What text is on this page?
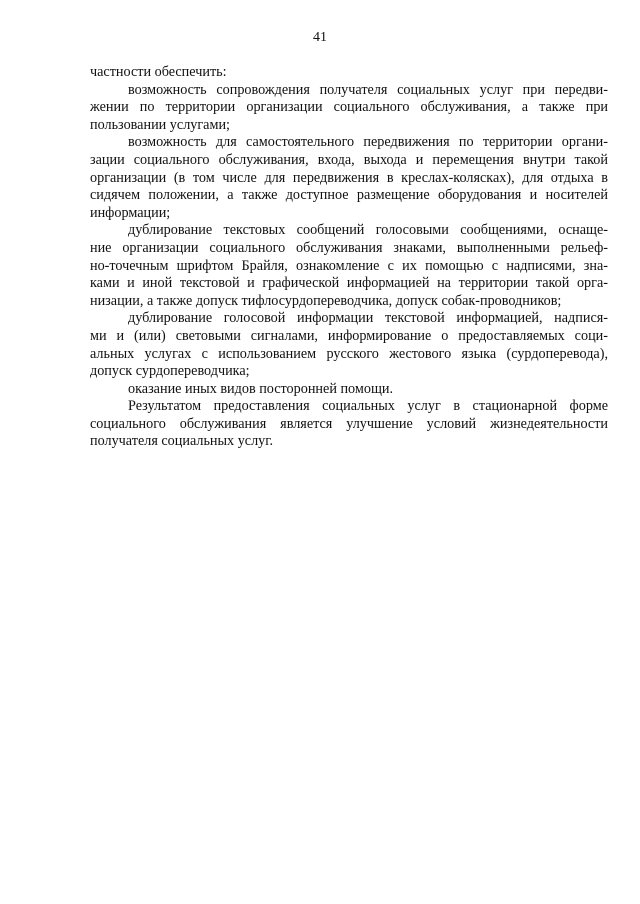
41
частности обеспечить:
возможность сопровождения получателя социальных услуг при передви-
жении по территории организации социального обслуживания, а также при
пользовании услугами;
возможность для самостоятельного передвижения по территории органи-
зации социального обслуживания, входа, выхода и перемещения внутри такой
организации (в том числе для передвижения в креслах-колясках), для отдыха в
сидячем положении, а также доступное размещение оборудования и носителей
информации;
дублирование текстовых сообщений голосовыми сообщениями, оснаще-
ние организации социального обслуживания знаками, выполненными рельеф-
но-точечным шрифтом Брайля, ознакомление с их помощью с надписями, зна-
ками и иной текстовой и графической информацией на территории такой орга-
низации, а также допуск тифлосурдопереводчика, допуск собак-проводников;
дублирование голосовой информации текстовой информацией, надпися-
ми и (или) световыми сигналами, информирование о предоставляемых соци-
альных услугах с использованием русского жестового языка (сурдоперевода),
допуск сурдопереводчика;
оказание иных видов посторонней помощи.
Результатом предоставления социальных услуг в стационарной форме
социального обслуживания является улучшение условий жизнедеятельности
получателя социальных услуг.
